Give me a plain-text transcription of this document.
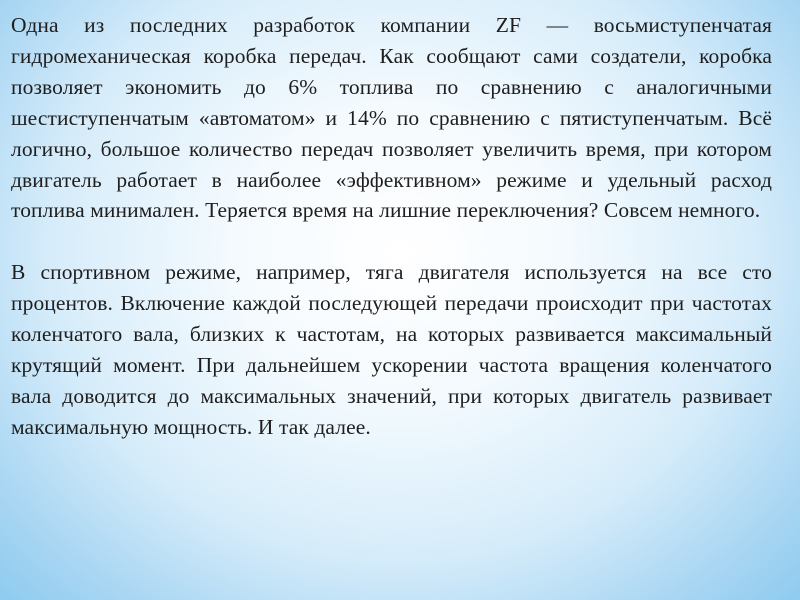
Одна из последних разработок компании ZF — восьмиступенчатая гидромеханическая коробка передач. Как сообщают сами создатели, коробка позволяет экономить до 6% топлива по сравнению с аналогичными шестиступенчатым «автоматом» и 14% по сравнению с пятиступенчатым. Всё логично, большое количество передач позволяет увеличить время, при котором двигатель работает в наиболее «эффективном» режиме и удельный расход топлива минимален. Теряется время на лишние переключения? Совсем немного.

В спортивном режиме, например, тяга двигателя используется на все сто процентов. Включение каждой последующей передачи происходит при частотах коленчатого вала, близких к частотам, на которых развивается максимальный крутящий момент. При дальнейшем ускорении частота вращения коленчатого вала доводится до максимальных значений, при которых двигатель развивает максимальную мощность. И так далее.
